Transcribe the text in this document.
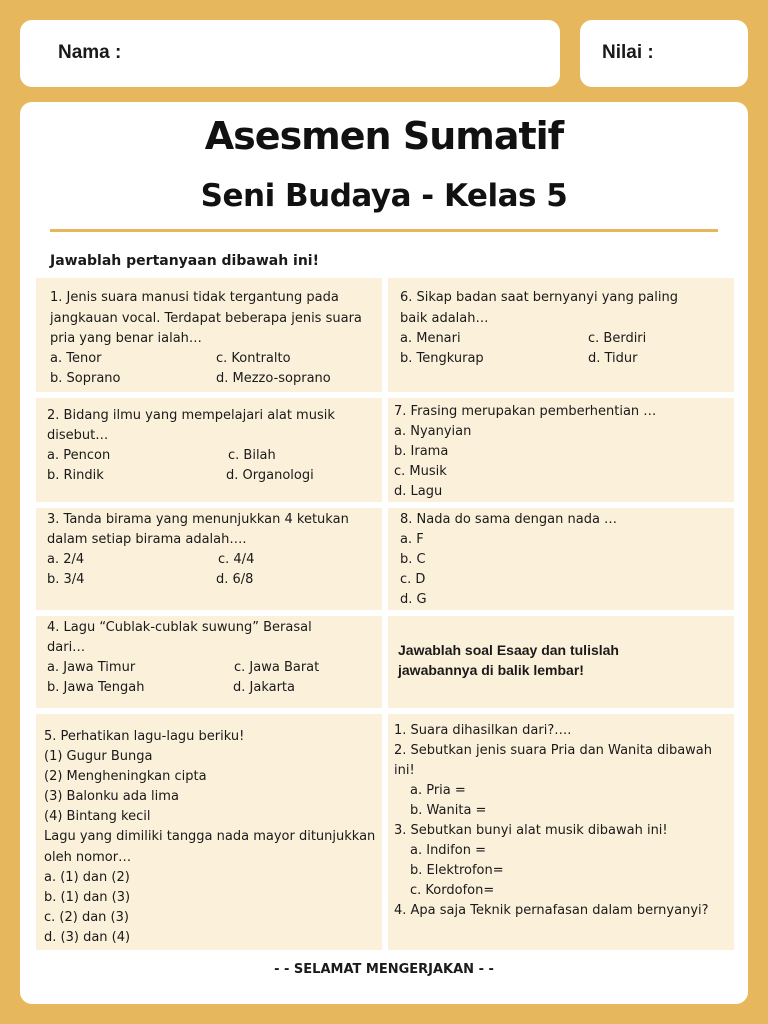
Nama :	Nilai :
Asesmen Sumatif
Seni Budaya - Kelas 5
Jawablah pertanyaan dibawah ini!
1. Jenis suara manusi tidak tergantung pada
jangkauan vocal. Terdapat beberapa jenis suara
pria yang benar ialah…
a. Tenor	c. Kontralto
b. Soprano	d. Mezzo-soprano
2. Bidang ilmu yang mempelajari alat musik
disebut…
a. Pencon	c. Bilah
b. Rindik	d. Organologi
3. Tanda birama yang menunjukkan 4 ketukan
dalam setiap birama adalah….
a. 2/4	c. 4/4
b. 3/4	d. 6/8
4. Lagu “Cublak-cublak suwung” Berasal
dari…
a. Jawa Timur	c. Jawa Barat
b. Jawa Tengah	d. Jakarta
5. Perhatikan lagu-lagu beriku!
(1) Gugur Bunga
(2) Mengheningkan cipta
(3) Balonku ada lima
(4) Bintang kecil
Lagu yang dimiliki tangga nada mayor ditunjukkan
oleh nomor…
a. (1) dan (2)
b. (1) dan (3)
c. (2) dan (3)
d. (3) dan (4)
6. Sikap badan saat bernyanyi yang paling
baik adalah…
a. Menari	c. Berdiri
b. Tengkurap	d. Tidur
7. Frasing merupakan pemberhentian …
a. Nyanyian
b. Irama
c. Musik
d. Lagu
8. Nada do sama dengan nada …
a. F
b. C
c. D
d. G
Jawablah soal Esaay dan tulislah
jawabannya di balik lembar!
1. Suara dihasilkan dari?….
2. Sebutkan jenis suara Pria dan Wanita dibawah
ini!
a. Pria =
b. Wanita =
3. Sebutkan bunyi alat musik dibawah ini!
a. Indifon =
b. Elektrofon=
c. Kordofon=
4. Apa saja Teknik pernafasan dalam bernyanyi?
- - SELAMAT MENGERJAKAN - -
